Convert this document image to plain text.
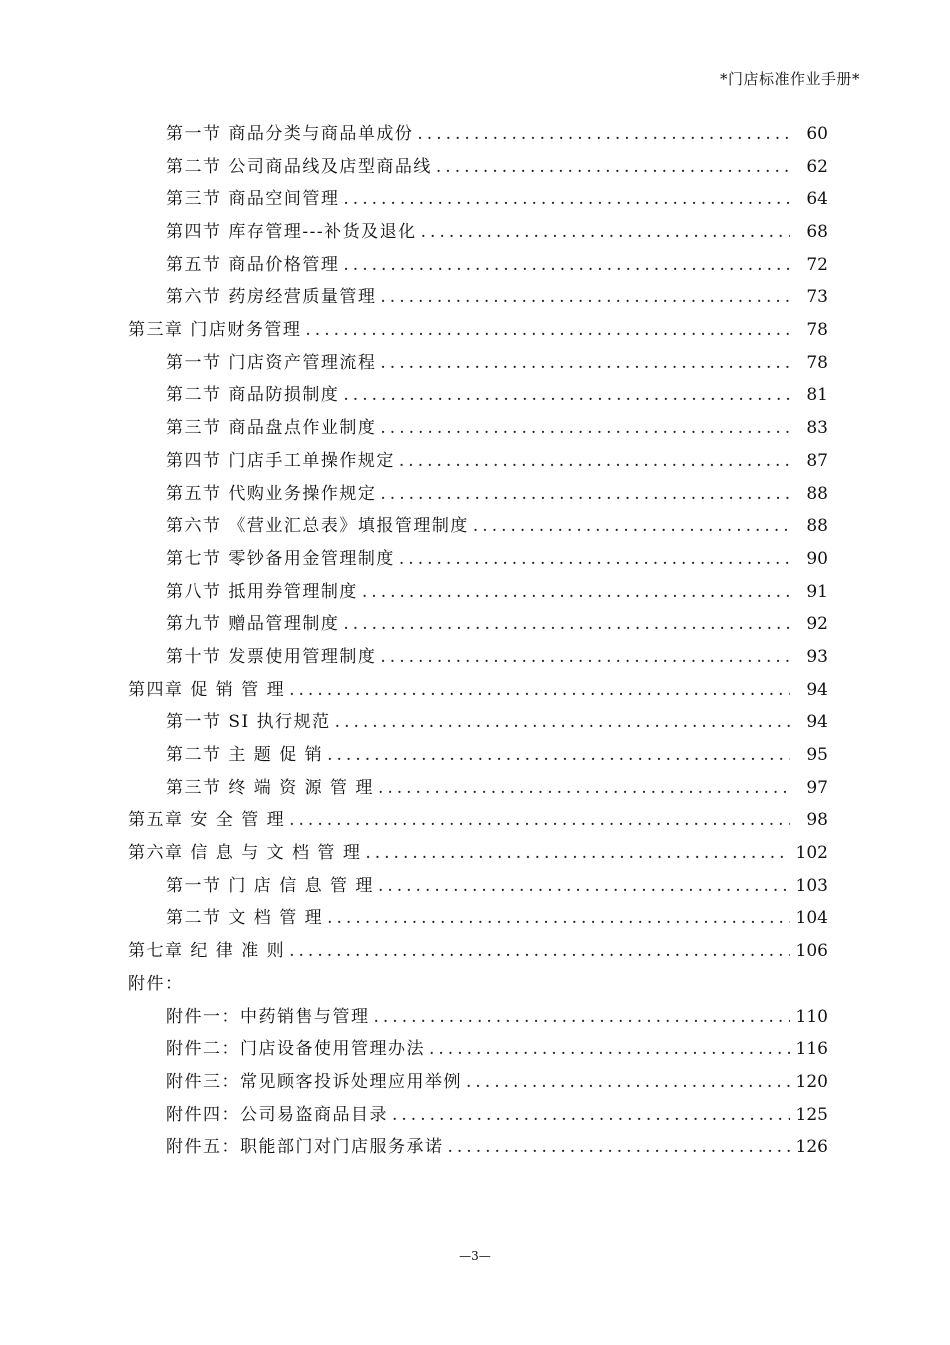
*门店标准作业手册*
第一节 商品分类与商品单成份 .....	60
第二节 公司商品线及店型商品线 .....	62
第三节 商品空间管理 .....	64
第四节 库存管理---补货及退化 .....	68
第五节 商品价格管理 .....	72
第六节 药房经营质量管理 .....	73
第三章 门店财务管理 .....	78
第一节 门店资产管理流程 .....	78
第二节 商品防损制度 .....	81
第三节 商品盘点作业制度 .....	83
第四节 门店手工单操作规定 .....	87
第五节 代购业务操作规定 .....	88
第六节 《营业汇总表》填报管理制度 .....	88
第七节 零钞备用金管理制度 .....	90
第八节 抵用券管理制度 .....	91
第九节 赠品管理制度 .....	92
第十节 发票使用管理制度 .....	93
第四章 促 销 管 理 .....	94
第一节 SI 执行规范 .....	94
第二节 主 题 促 销 .....	95
第三节 终 端 资 源 管 理 .....	97
第五章 安 全 管 理 .....	98
第六章 信 息 与 文 档 管 理 .....	102
第一节 门 店 信 息 管 理 .....	103
第二节 文 档 管 理 .....	104
第七章 纪 律 准 则 .....	106
附件：
附件一：中药销售与管理 .....	110
附件二：门店设备使用管理办法 .....	116
附件三：常见顾客投诉处理应用举例 .....	120
附件四：公司易盗商品目录 .....	125
附件五：职能部门对门店服务承诺 .....	126
—3—
